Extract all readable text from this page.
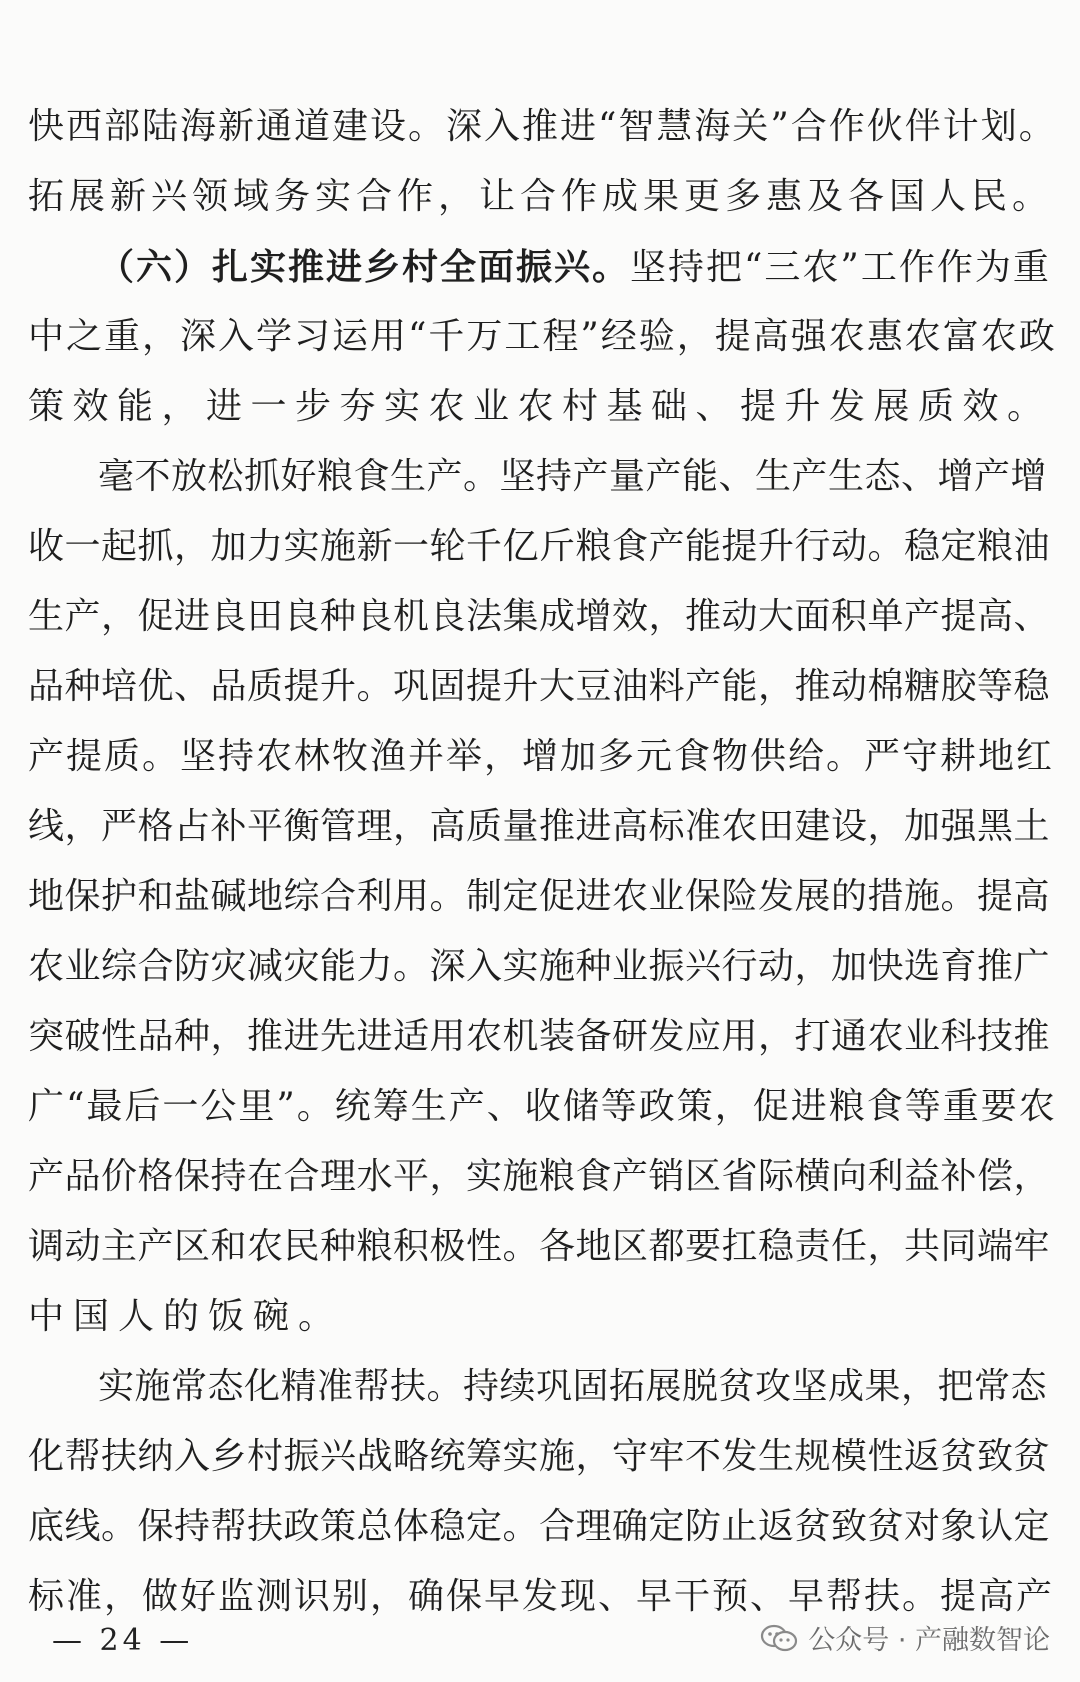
快西部陆海新通道建设。深入推进“智慧海关”合作伙伴计划。
拓展新兴领域务实合作，让合作成果更多惠及各国人民。
（六）扎实推进乡村全面振兴。坚持把“三农”工作作为重
中之重，深入学习运用“千万工程”经验，提高强农惠农富农政
策效能，进一步夯实农业农村基础、提升发展质效。
毫不放松抓好粮食生产。坚持产量产能、生产生态、增产增
收一起抓，加力实施新一轮千亿斤粮食产能提升行动。稳定粮油
生产，促进良田良种良机良法集成增效，推动大面积单产提高、
品种培优、品质提升。巩固提升大豆油料产能，推动棉糖胶等稳
产提质。坚持农林牧渔并举，增加多元食物供给。严守耕地红
线，严格占补平衡管理，高质量推进高标准农田建设，加强黑土
地保护和盐碱地综合利用。制定促进农业保险发展的措施。提高
农业综合防灾减灾能力。深入实施种业振兴行动，加快选育推广
突破性品种，推进先进适用农机装备研发应用，打通农业科技推
广“最后一公里”。统筹生产、收储等政策，促进粮食等重要农
产品价格保持在合理水平，实施粮食产销区省际横向利益补偿，
调动主产区和农民种粮积极性。各地区都要扛稳责任，共同端牢
中国人的饭碗。
实施常态化精准帮扶。持续巩固拓展脱贫攻坚成果，把常态
化帮扶纳入乡村振兴战略统筹实施，守牢不发生规模性返贫致贫
底线。保持帮扶政策总体稳定。合理确定防止返贫致贫对象认定
标准，做好监测识别，确保早发现、早干预、早帮扶。提高产
— 24 —	公众号 · 产融数智论
